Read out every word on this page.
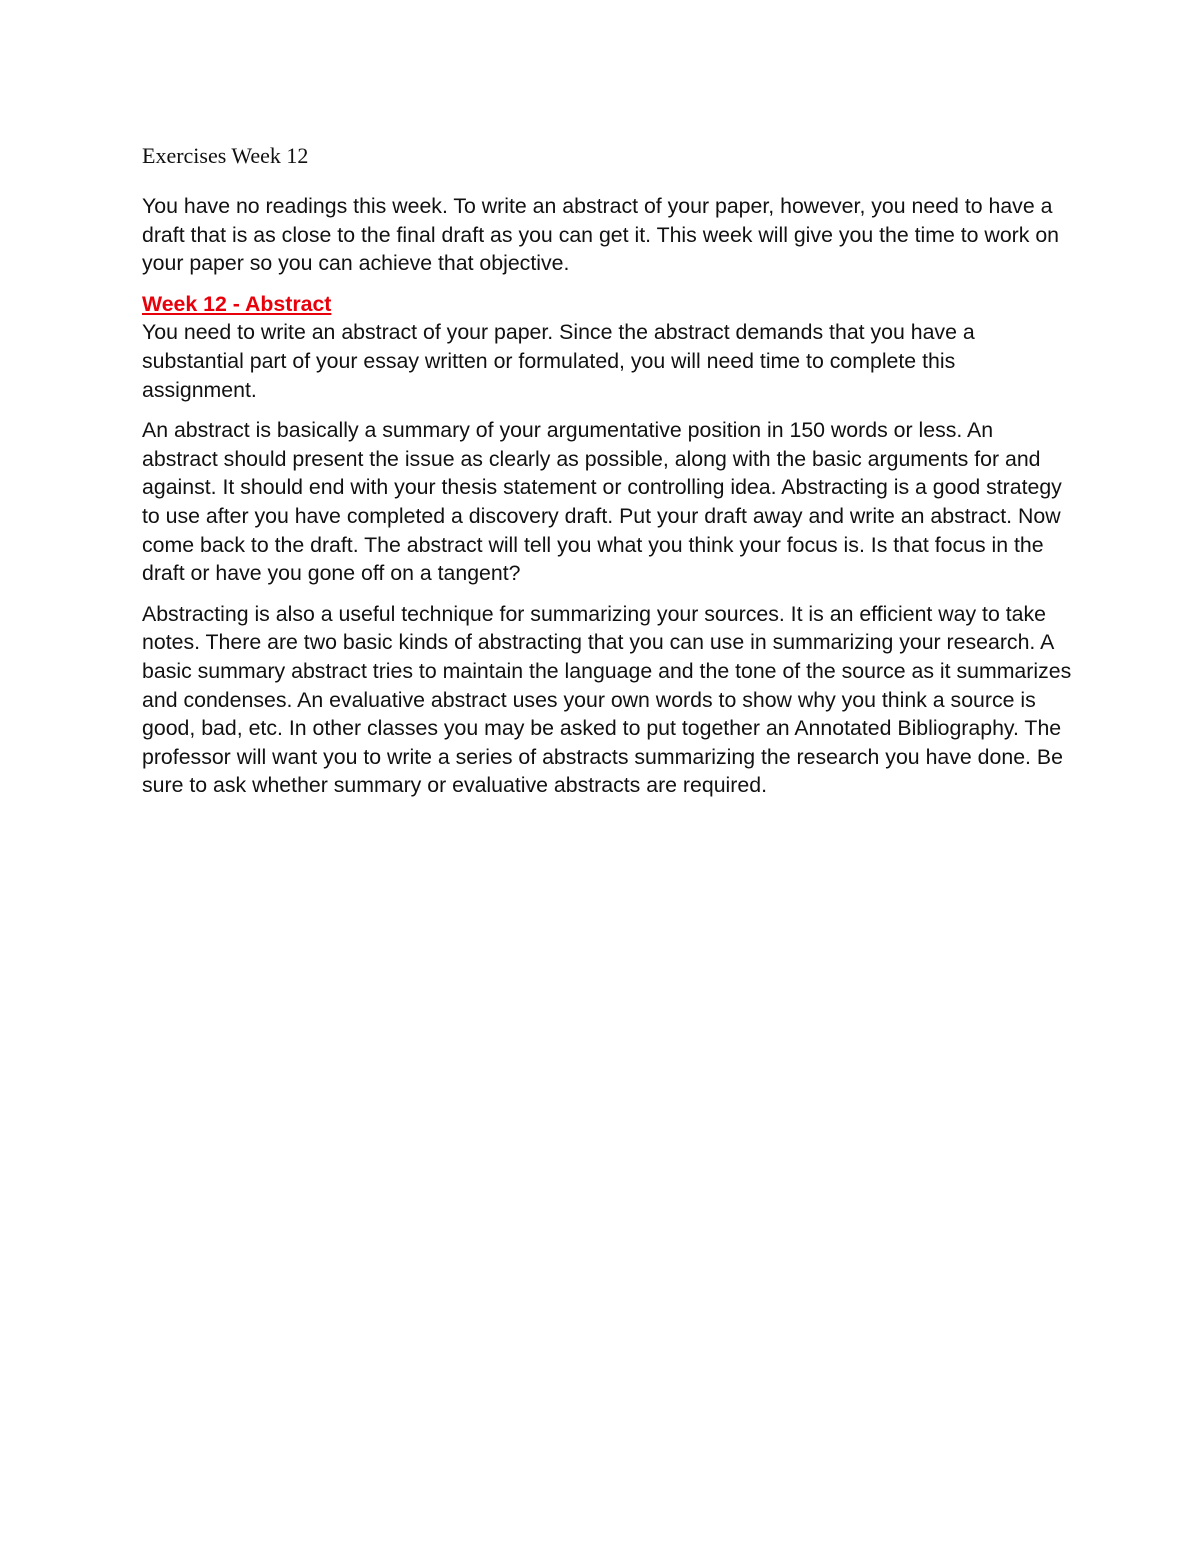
Exercises Week 12

You have no readings this week. To write an abstract of your paper, however, you need to have a draft that is as close to the final draft as you can get it. This week will give you the time to work on your paper so you can achieve that objective.

Week 12 - Abstract

You need to write an abstract of your paper. Since the abstract demands that you have a substantial part of your essay written or formulated, you will need time to complete this assignment.

An abstract is basically a summary of your argumentative position in 150 words or less. An abstract should present the issue as clearly as possible, along with the basic arguments for and against. It should end with your thesis statement or controlling idea. Abstracting is a good strategy to use after you have completed a discovery draft. Put your draft away and write an abstract. Now come back to the draft. The abstract will tell you what you think your focus is. Is that focus in the draft or have you gone off on a tangent?

Abstracting is also a useful technique for summarizing your sources. It is an efficient way to take notes. There are two basic kinds of abstracting that you can use in summarizing your research. A basic summary abstract tries to maintain the language and the tone of the source as it summarizes and condenses. An evaluative abstract uses your own words to show why you think a source is good, bad, etc. In other classes you may be asked to put together an Annotated Bibliography. The professor will want you to write a series of abstracts summarizing the research you have done. Be sure to ask whether summary or evaluative abstracts are required.
